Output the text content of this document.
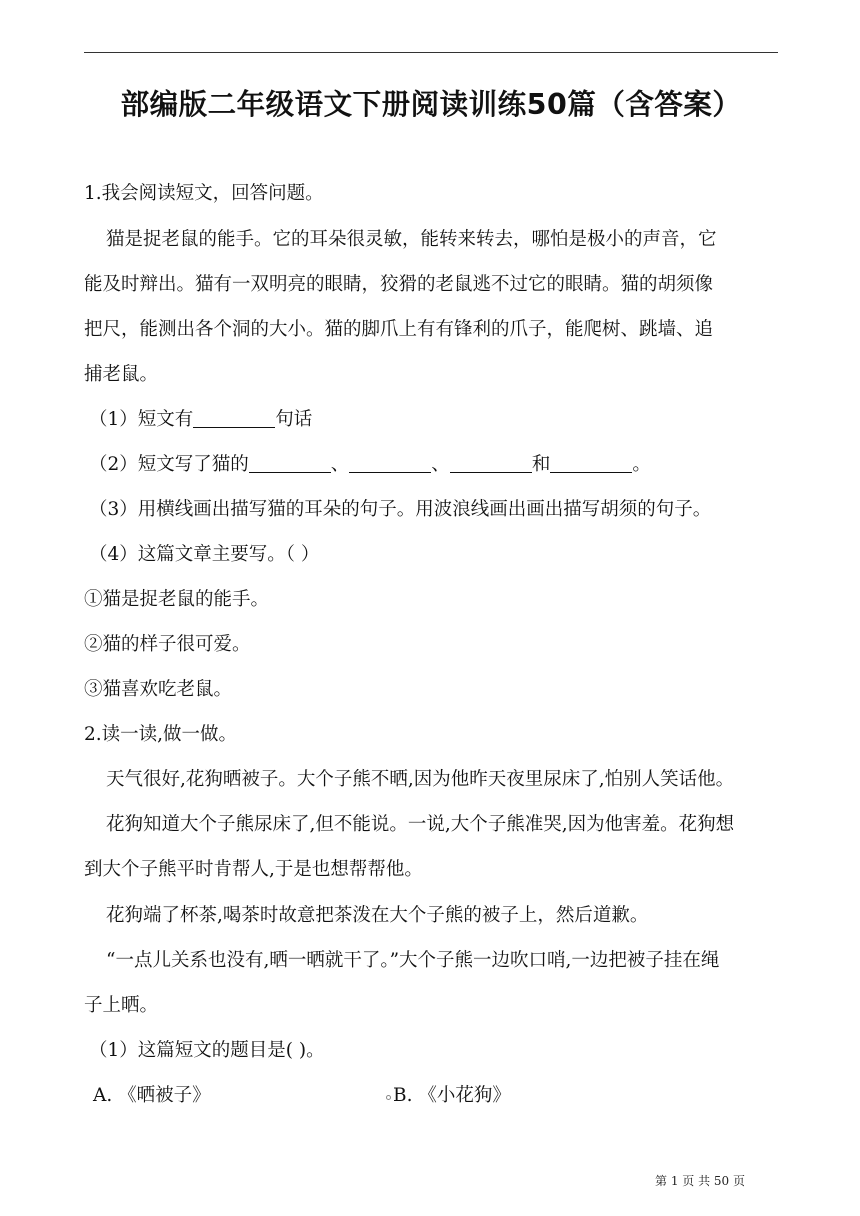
部编版二年级语文下册阅读训练50篇（含答案）
1.我会阅读短文，回答问题。
猫是捉老鼠的能手。它的耳朵很灵敏，能转来转去，哪怕是极小的声音，它
能及时辩出。猫有一双明亮的眼睛，狡猾的老鼠逃不过它的眼睛。猫的胡须像
把尺，能测出各个洞的大小。猫的脚爪上有有锋利的爪子，能爬树、跳墙、追
捕老鼠。
（1）短文有	句话
（2）短文写了猫的	、	、	和	。
（3）用横线画出描写猫的耳朵的句子。用波浪线画出画出描写胡须的句子。
（4）这篇文章主要写。（ ）
①猫是捉老鼠的能手。
②猫的样子很可爱。
③猫喜欢吃老鼠。
2.读一读,做一做。
天气很好,花狗晒被子。大个子熊不晒,因为他昨天夜里尿床了,怕别人笑话他。
花狗知道大个子熊尿床了,但不能说。一说,大个子熊准哭,因为他害羞。花狗想
到大个子熊平时肯帮人,于是也想帮帮他。
花狗端了杯茶,喝茶时故意把茶泼在大个子熊的被子上，然后道歉。
“一点儿关系也没有,晒一晒就干了。”大个子熊一边吹口哨,一边把被子挂在绳
子上晒。
（1）这篇短文的题目是( )。
A. 《晒被子》	B. 《小花狗》
第 1 页 共 50 页
